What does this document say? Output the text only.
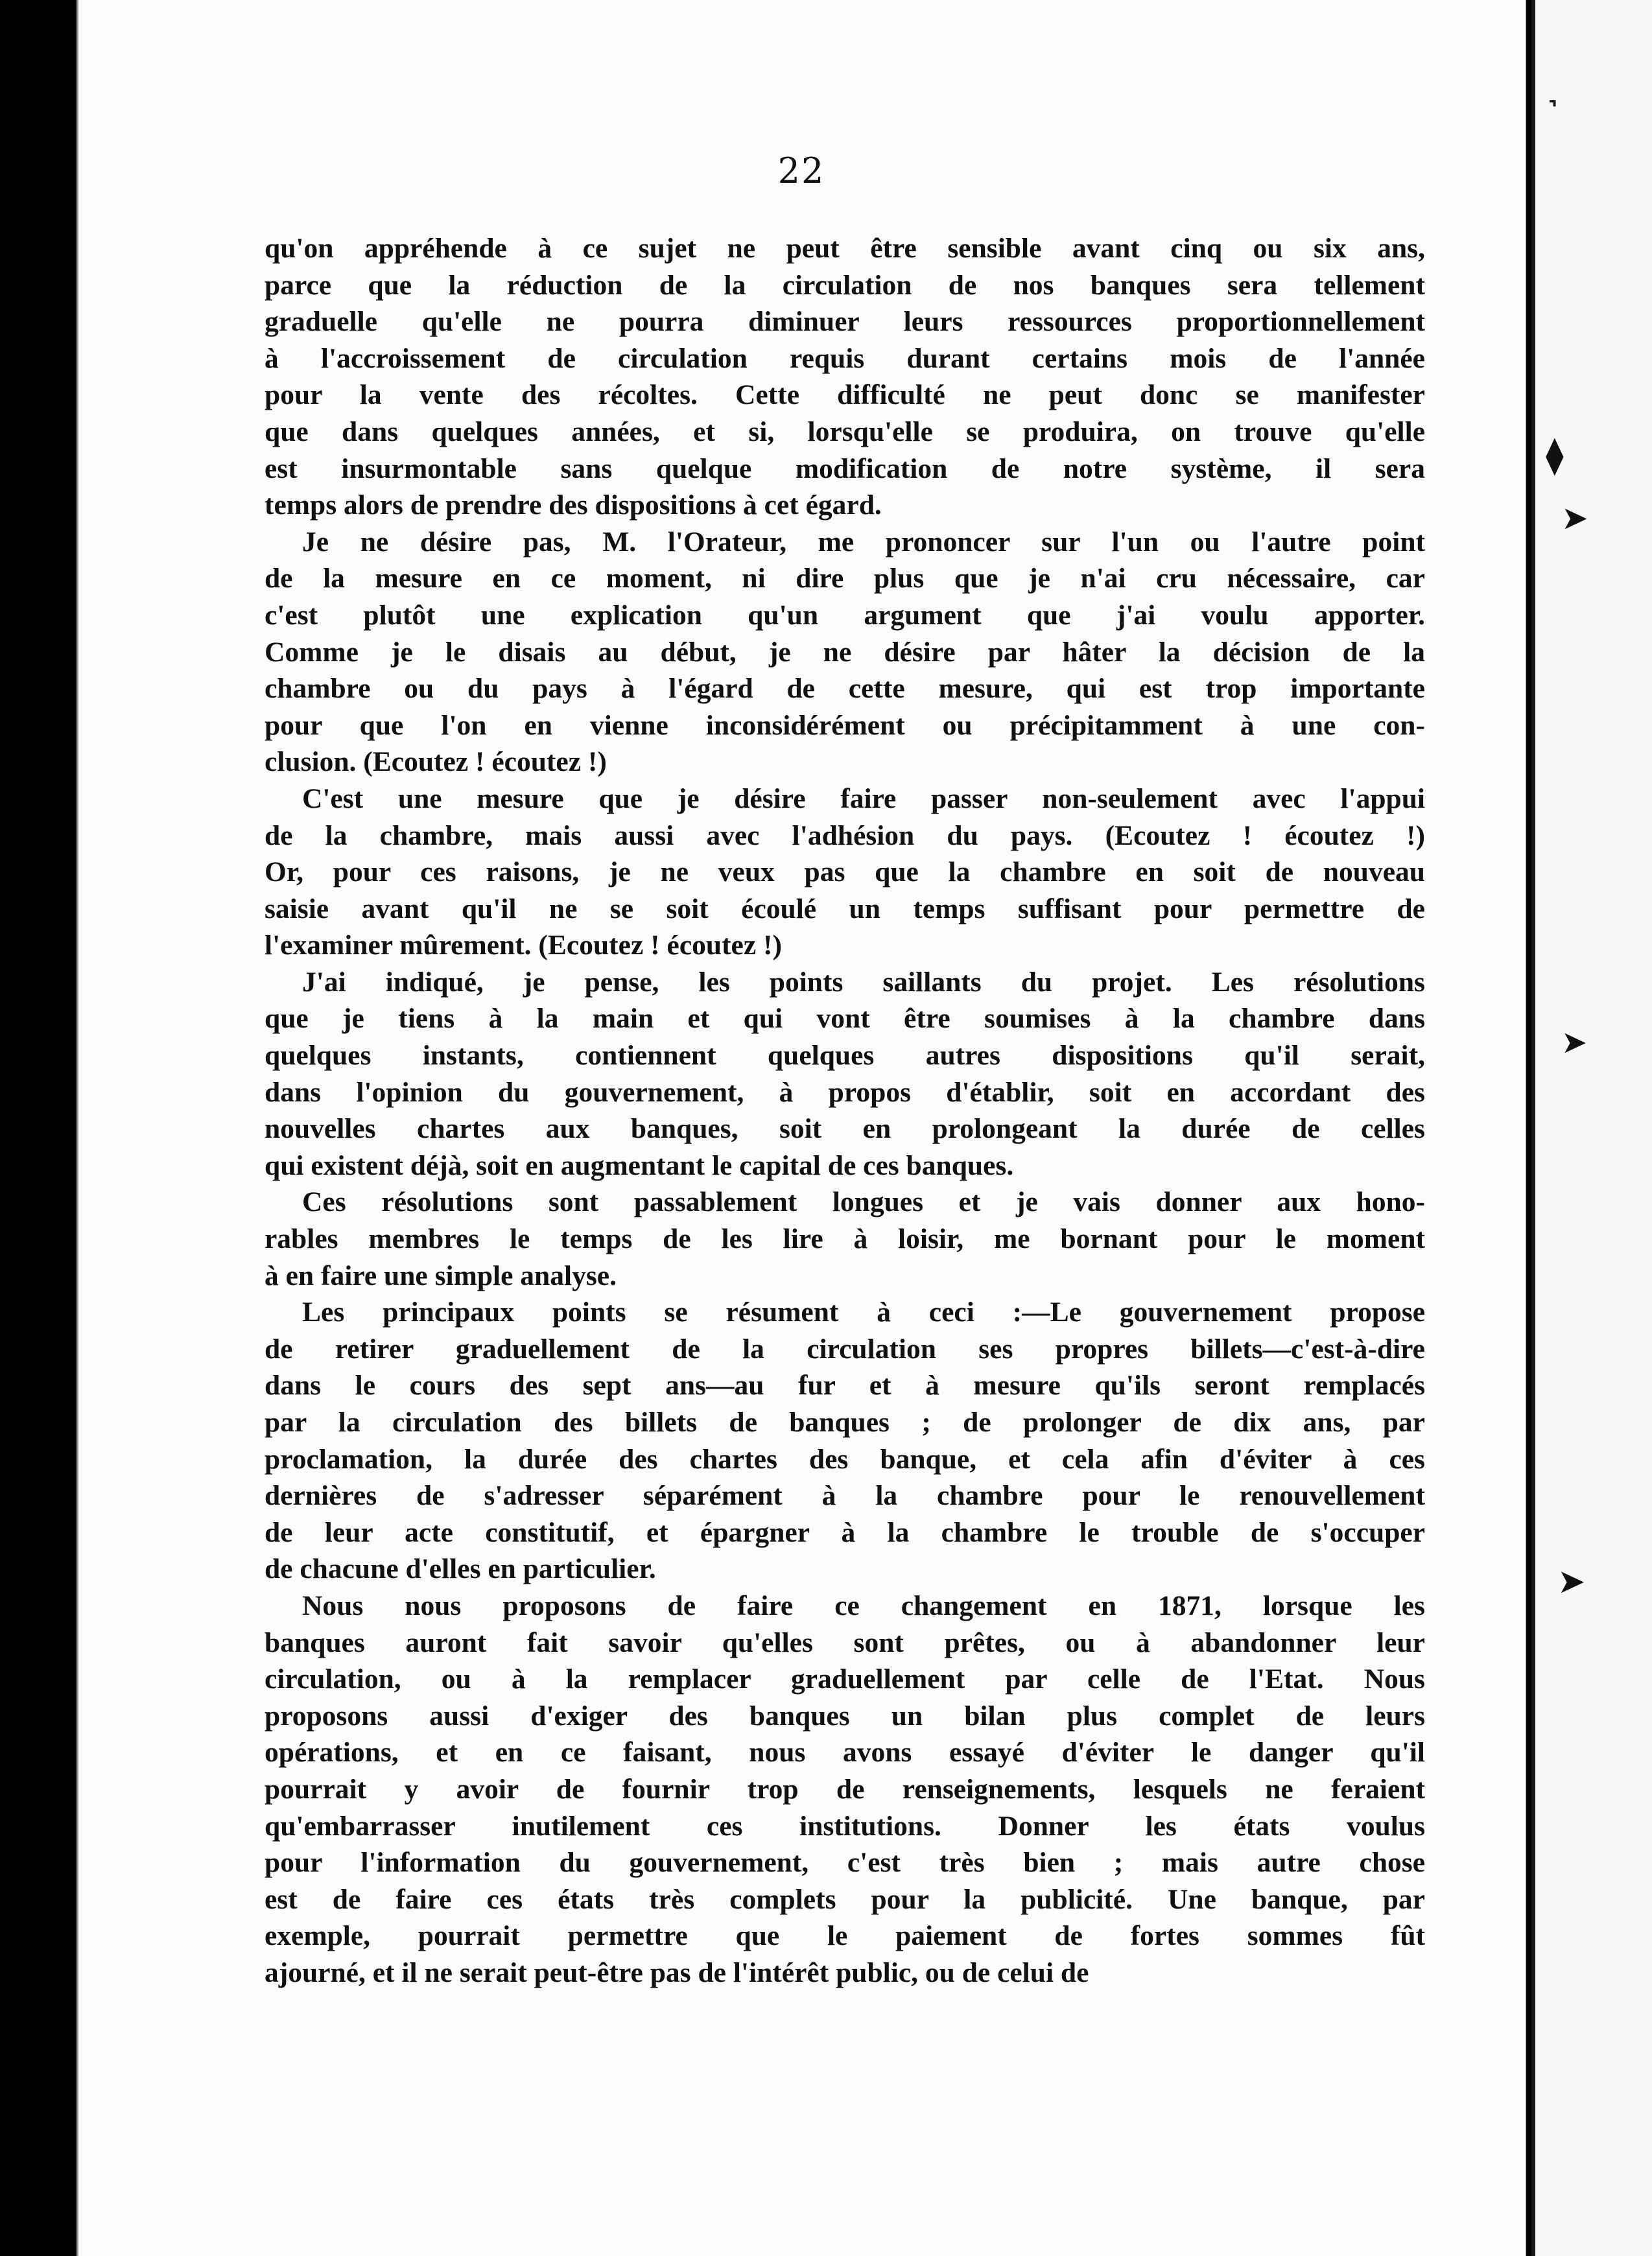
22

qu'on appréhende à ce sujet ne peut être sensible avant cinq ou six ans,
parce que la réduction de la circulation de nos banques sera tellement
graduelle qu'elle ne pourra diminuer leurs ressources proportionnellement
à l'accroissement de circulation requis durant certains mois de l'année
pour la vente des récoltes. Cette difficulté ne peut donc se manifester
que dans quelques années, et si, lorsqu'elle se produira, on trouve qu'elle
est insurmontable sans quelque modification de notre système, il sera
temps alors de prendre des dispositions à cet égard.

Je ne désire pas, M. l'Orateur, me prononcer sur l'un ou l'autre point
de la mesure en ce moment, ni dire plus que je n'ai cru nécessaire, car
c'est plutôt une explication qu'un argument que j'ai voulu apporter.
Comme je le disais au début, je ne désire par hâter la décision de la
chambre ou du pays à l'égard de cette mesure, qui est trop importante
pour que l'on en vienne inconsidérément ou précipitamment à une con-
clusion. (Ecoutez ! écoutez !)

C'est une mesure que je désire faire passer non-seulement avec l'appui
de la chambre, mais aussi avec l'adhésion du pays. (Ecoutez ! écoutez !)
Or, pour ces raisons, je ne veux pas que la chambre en soit de nouveau
saisie avant qu'il ne se soit écoulé un temps suffisant pour permettre de
l'examiner mûrement. (Ecoutez ! écoutez !)

J'ai indiqué, je pense, les points saillants du projet. Les résolutions
que je tiens à la main et qui vont être soumises à la chambre dans
quelques instants, contiennent quelques autres dispositions qu'il serait,
dans l'opinion du gouvernement, à propos d'établir, soit en accordant des
nouvelles chartes aux banques, soit en prolongeant la durée de celles
qui existent déjà, soit en augmentant le capital de ces banques.

Ces résolutions sont passablement longues et je vais donner aux hono-
rables membres le temps de les lire à loisir, me bornant pour le moment
à en faire une simple analyse.

Les principaux points se résument à ceci :—Le gouvernement propose
de retirer graduellement de la circulation ses propres billets—c'est-à-dire
dans le cours des sept ans—au fur et à mesure qu'ils seront remplacés
par la circulation des billets de banques ; de prolonger de dix ans, par
proclamation, la durée des chartes des banque, et cela afin d'éviter à ces
dernières de s'adresser séparément à la chambre pour le renouvellement
de leur acte constitutif, et épargner à la chambre le trouble de s'occuper
de chacune d'elles en particulier.

Nous nous proposons de faire ce changement en 1871, lorsque les
banques auront fait savoir qu'elles sont prêtes, ou à abandonner leur
circulation, ou à la remplacer graduellement par celle de l'Etat. Nous
proposons aussi d'exiger des banques un bilan plus complet de leurs
opérations, et en ce faisant, nous avons essayé d'éviter le danger qu'il
pourrait y avoir de fournir trop de renseignements, lesquels ne feraient
qu'embarrasser inutilement ces institutions. Donner les états voulus
pour l'information du gouvernement, c'est très bien ; mais autre chose
est de faire ces états très complets pour la publicité. Une banque, par
exemple, pourrait permettre que le paiement de fortes sommes fût
ajourné, et il ne serait peut-être pas de l'intérêt public, ou de celui de

⌝
⧫
➤
➤
➤
